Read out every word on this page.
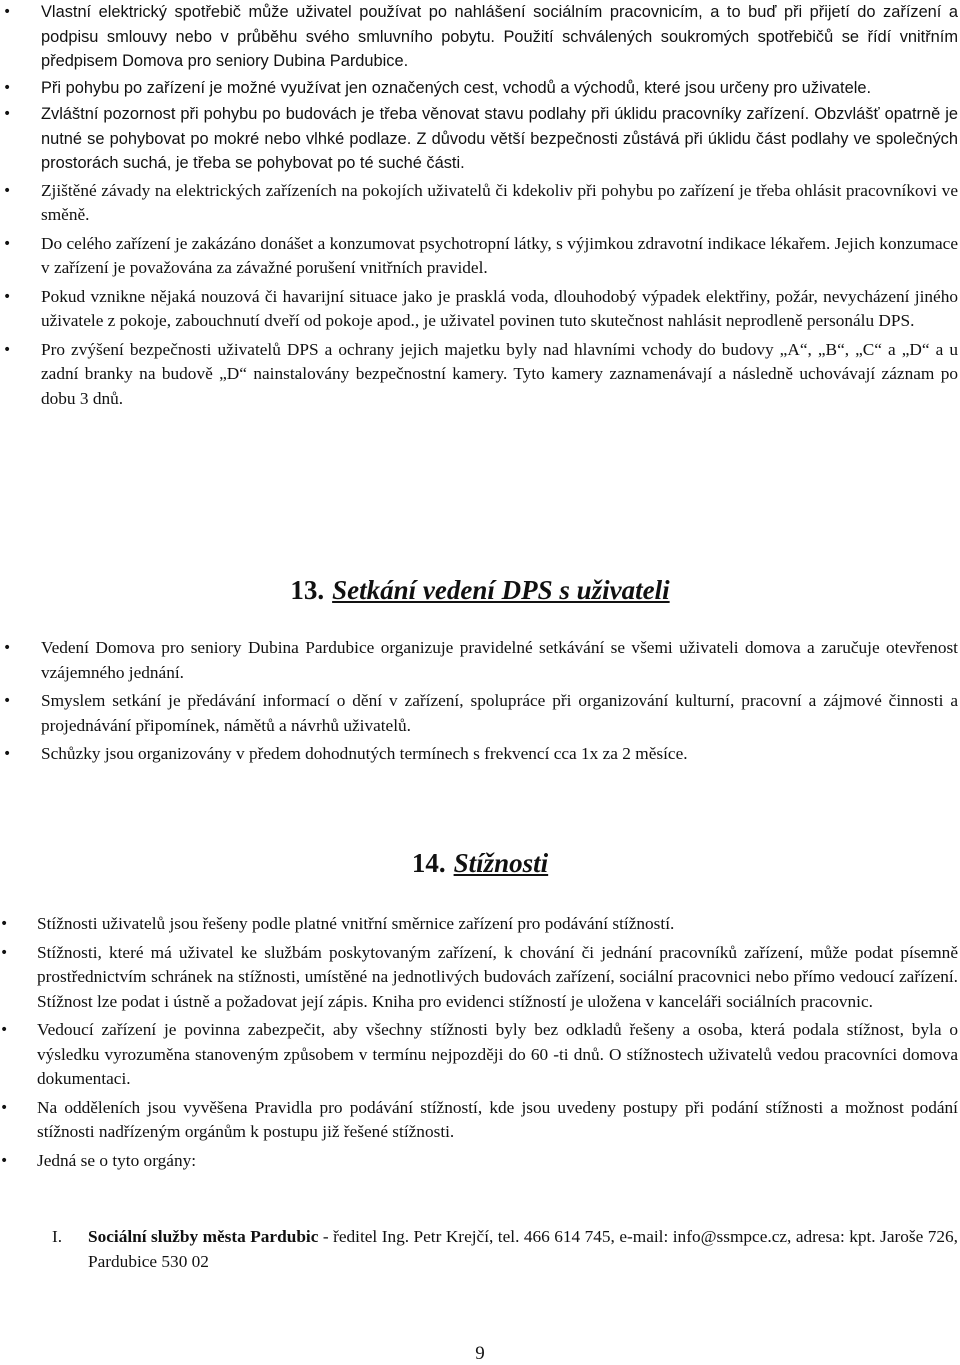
• Vlastní elektrický spotřebič může uživatel používat po nahlášení sociálním pracovnicím, a to buď při přijetí do zařízení a podpisu smlouvy nebo v průběhu svého smluvního pobytu. Použití schválených soukromých spotřebičů se řídí vnitřním předpisem Domova pro seniory Dubina Pardubice.
• Při pohybu po zařízení je možné využívat jen označených cest, vchodů a východů, které jsou určeny pro uživatele.
• Zvláštní pozornost při pohybu po budovách je třeba věnovat stavu podlahy při úklidu pracovníky zařízení. Obzvlášť opatrně je nutné se pohybovat po mokré nebo vlhké podlaze. Z důvodu větší bezpečnosti zůstává při úklidu část podlahy ve společných prostorách suchá, je třeba se pohybovat po té suché části.
• Zjištěné závady na elektrických zařízeních na pokojích uživatelů či kdekoliv při pohybu po zařízení je třeba ohlásit pracovníkovi ve směně.
• Do celého zařízení je zakázáno donášet a konzumovat psychotropní látky, s výjimkou zdravotní indikace lékařem. Jejich konzumace v zařízení je považována za závažné porušení vnitřních pravidel.
• Pokud vznikne nějaká nouzová či havarijní situace jako je prasklá voda, dlouhodobý výpadek elektřiny, požár, nevycházení jiného uživatele z pokoje, zabouchnutí dveří od pokoje apod., je uživatel povinen tuto skutečnost nahlásit neprodleně personálu DPS.
• Pro zvýšení bezpečnosti uživatelů DPS a ochrany jejich majetku byly nad hlavními vchody do budovy „A“, „B“, „C“ a „D“ a u zadní branky na budově „D“ nainstalovány bezpečnostní kamery. Tyto kamery zaznamenávají a následně uchovávají záznam po dobu 3 dnů.
13. Setkání vedení DPS s uživateli
• Vedení Domova pro seniory Dubina Pardubice organizuje pravidelné setkávání se všemi uživateli domova a zaručuje otevřenost vzájemného jednání.
• Smyslem setkání je předávání informací o dění v zařízení, spolupráce při organizování kulturní, pracovní a zájmové činnosti a projednávání připomínek, námětů a návrhů uživatelů.
• Schůzky jsou organizovány v předem dohodnutých termínech s frekvencí cca 1x za 2 měsíce.
14. Stížnosti
• Stížnosti uživatelů jsou řešeny podle platné vnitřní směrnice zařízení pro podávání stížností.
• Stížnosti, které má uživatel ke službám poskytovaným zařízení, k chování či jednání pracovníků zařízení, může podat písemně prostřednictvím schránek na stížnosti, umístěné na jednotlivých budovách zařízení, sociální pracovnici nebo přímo vedoucí zařízení. Stížnost lze podat i ústně a požadovat její zápis. Kniha pro evidenci stížností je uložena v kanceláři sociálních pracovnic.
• Vedoucí zařízení je povinna zabezpečit, aby všechny stížnosti byly bez odkladů řešeny a osoba, která podala stížnost, byla o výsledku vyrozuměna stanoveným způsobem v termínu nejpozději do 60 -ti dnů. O stížnostech uživatelů vedou pracovníci domova dokumentaci.
• Na odděleních jsou vyvěšena Pravidla pro podávání stížností, kde jsou uvedeny postupy při podání stížnosti a možnost podání stížnosti nadřízeným orgánům k postupu již řešené stížnosti.
• Jedná se o tyto orgány:
I.	Sociální služby města Pardubic - ředitel Ing. Petr Krejčí, tel. 466 614 745, e-mail: info@ssmpce.cz, adresa: kpt. Jaroše 726, Pardubice 530 02
9
